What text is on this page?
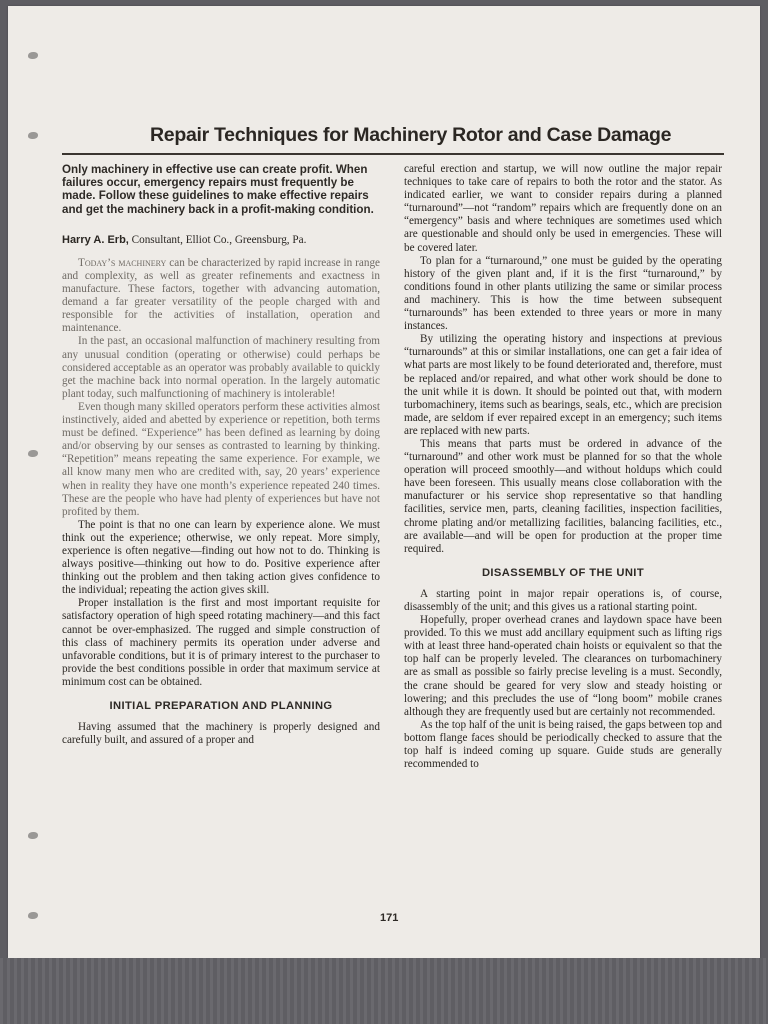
Repair Techniques for Machinery Rotor and Case Damage
Only machinery in effective use can create profit. When failures occur, emergency repairs must frequently be made. Follow these guidelines to make effective repairs and get the machinery back in a profit-making condition.
Harry A. Erb, Consultant, Elliot Co., Greensburg, Pa.

Today’s machinery can be characterized by rapid increase in range and complexity, as well as greater refinements and exactness in manufacture. These factors, together with advancing automation, demand a far greater versatility of the people charged with and responsible for the activities of installation, operation and maintenance.

In the past, an occasional malfunction of machinery resulting from any unusual condition (operating or otherwise) could perhaps be considered acceptable as an operator was probably available to quickly get the machine back into normal operation. In the largely automatic plant today, such malfunctioning of machinery is intolerable!

Even though many skilled operators perform these activities almost instinctively, aided and abetted by experience or repetition, both terms must be defined. “Experience” has been defined as learning by doing and/or observing by our senses as contrasted to learning by thinking. “Repetition” means repeating the same experience. For example, we all know many men who are credited with, say, 20 years’ experience when in reality they have one month’s experience repeated 240 times. These are the people who have had plenty of experiences but have not profited by them.

The point is that no one can learn by experience alone. We must think out the experience; otherwise, we only repeat. More simply, experience is often negative—finding out how not to do. Thinking is always positive—thinking out how to do. Positive experience after thinking out the problem and then taking action gives confidence to the individual; repeating the action gives skill.

Proper installation is the first and most important requisite for satisfactory operation of high speed rotating machinery—and this fact cannot be over-emphasized. The rugged and simple construction of this class of machinery permits its operation under adverse and unfavorable conditions, but it is of primary interest to the purchaser to provide the best conditions possible in order that maximum service at minimum cost can be obtained.

INITIAL PREPARATION AND PLANNING

Having assumed that the machinery is properly designed and carefully built, and assured of a proper and

careful erection and startup, we will now outline the major repair techniques to take care of repairs to both the rotor and the stator. As indicated earlier, we want to consider repairs during a planned “turnaround”—not “random” repairs which are frequently done on an “emergency” basis and where techniques are sometimes used which are questionable and should only be used in emergencies. These will be covered later.

To plan for a “turnaround,” one must be guided by the operating history of the given plant and, if it is the first “turnaround,” by conditions found in other plants utilizing the same or similar process and machinery. This is how the time between subsequent “turnarounds” has been extended to three years or more in many instances.

By utilizing the operating history and inspections at previous “turnarounds” at this or similar installations, one can get a fair idea of what parts are most likely to be found deteriorated and, therefore, must be replaced and/or repaired, and what other work should be done to the unit while it is down. It should be pointed out that, with modern turbomachinery, items such as bearings, seals, etc., which are precision made, are seldom if ever repaired except in an emergency; such items are replaced with new parts.

This means that parts must be ordered in advance of the “turnaround” and other work must be planned for so that the whole operation will proceed smoothly—and without holdups which could have been foreseen. This usually means close collaboration with the manufacturer or his service shop representative so that handling facilities, service men, parts, cleaning facilities, inspection facilities, chrome plating and/or metallizing facilities, balancing facilities, etc., are available—and will be open for production at the proper time required.

DISASSEMBLY OF THE UNIT

A starting point in major repair operations is, of course, disassembly of the unit; and this gives us a rational starting point.

Hopefully, proper overhead cranes and laydown space have been provided. To this we must add ancillary equipment such as lifting rigs with at least three hand-operated chain hoists or equivalent so that the top half can be properly leveled. The clearances on turbomachinery are as small as possible so fairly precise leveling is a must. Secondly, the crane should be geared for very slow and steady hoisting or lowering; and this precludes the use of “long boom” mobile cranes although they are frequently used but are certainly not recommended.

As the top half of the unit is being raised, the gaps between top and bottom flange faces should be periodically checked to assure that the top half is indeed coming up square. Guide studs are generally recommended to

171
